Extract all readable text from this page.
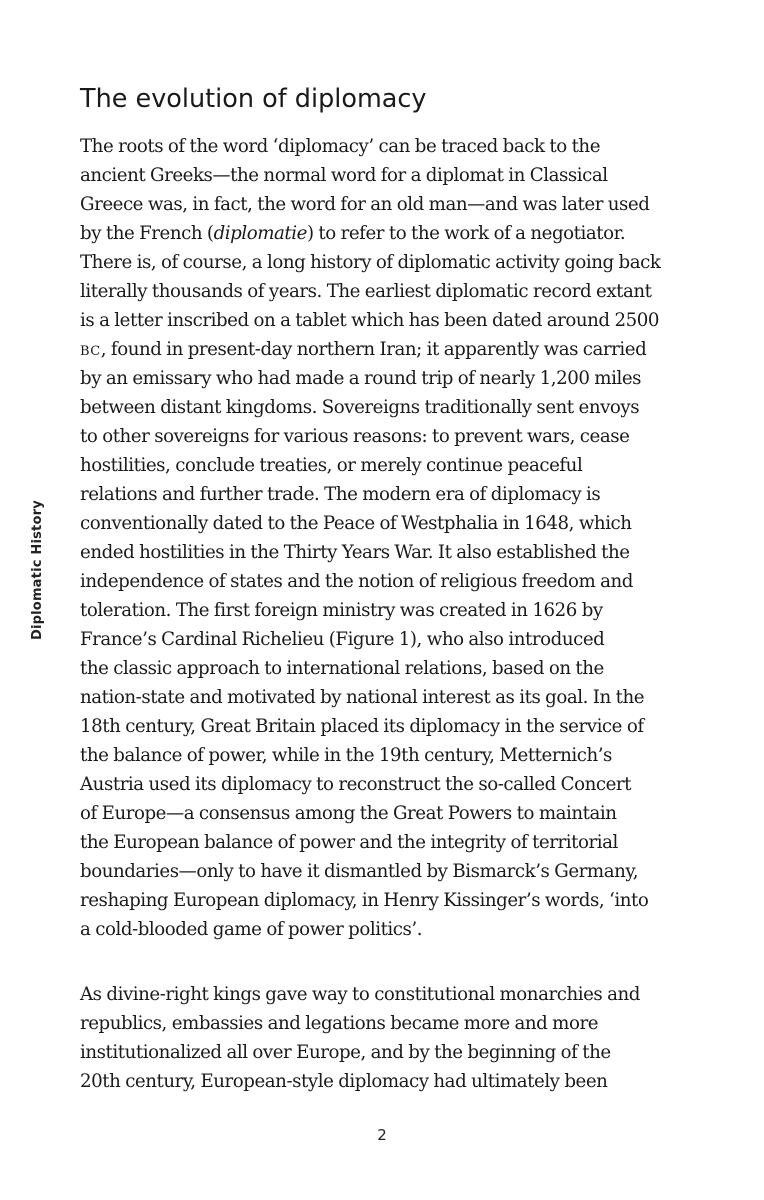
Diplomatic History
The evolution of diplomacy
The roots of the word ‘diplomacy’ can be traced back to the
ancient Greeks—the normal word for a diplomat in Classical
Greece was, in fact, the word for an old man—and was later used
by the French (diplomatie) to refer to the work of a negotiator.
There is, of course, a long history of diplomatic activity going back
literally thousands of years. The earliest diplomatic record extant
is a letter inscribed on a tablet which has been dated around 2500
BC, found in present-day northern Iran; it apparently was carried
by an emissary who had made a round trip of nearly 1,200 miles
between distant kingdoms. Sovereigns traditionally sent envoys
to other sovereigns for various reasons: to prevent wars, cease
hostilities, conclude treaties, or merely continue peaceful
relations and further trade. The modern era of diplomacy is
conventionally dated to the Peace of Westphalia in 1648, which
ended hostilities in the Thirty Years War. It also established the
independence of states and the notion of religious freedom and
toleration. The first foreign ministry was created in 1626 by
France’s Cardinal Richelieu (Figure 1), who also introduced
the classic approach to international relations, based on the
nation-state and motivated by national interest as its goal. In the
18th century, Great Britain placed its diplomacy in the service of
the balance of power, while in the 19th century, Metternich’s
Austria used its diplomacy to reconstruct the so-called Concert
of Europe—a consensus among the Great Powers to maintain
the European balance of power and the integrity of territorial
boundaries—only to have it dismantled by Bismarck’s Germany,
reshaping European diplomacy, in Henry Kissinger’s words, ‘into
a cold-blooded game of power politics’.
As divine-right kings gave way to constitutional monarchies and
republics, embassies and legations became more and more
institutionalized all over Europe, and by the beginning of the
20th century, European-style diplomacy had ultimately been
2
